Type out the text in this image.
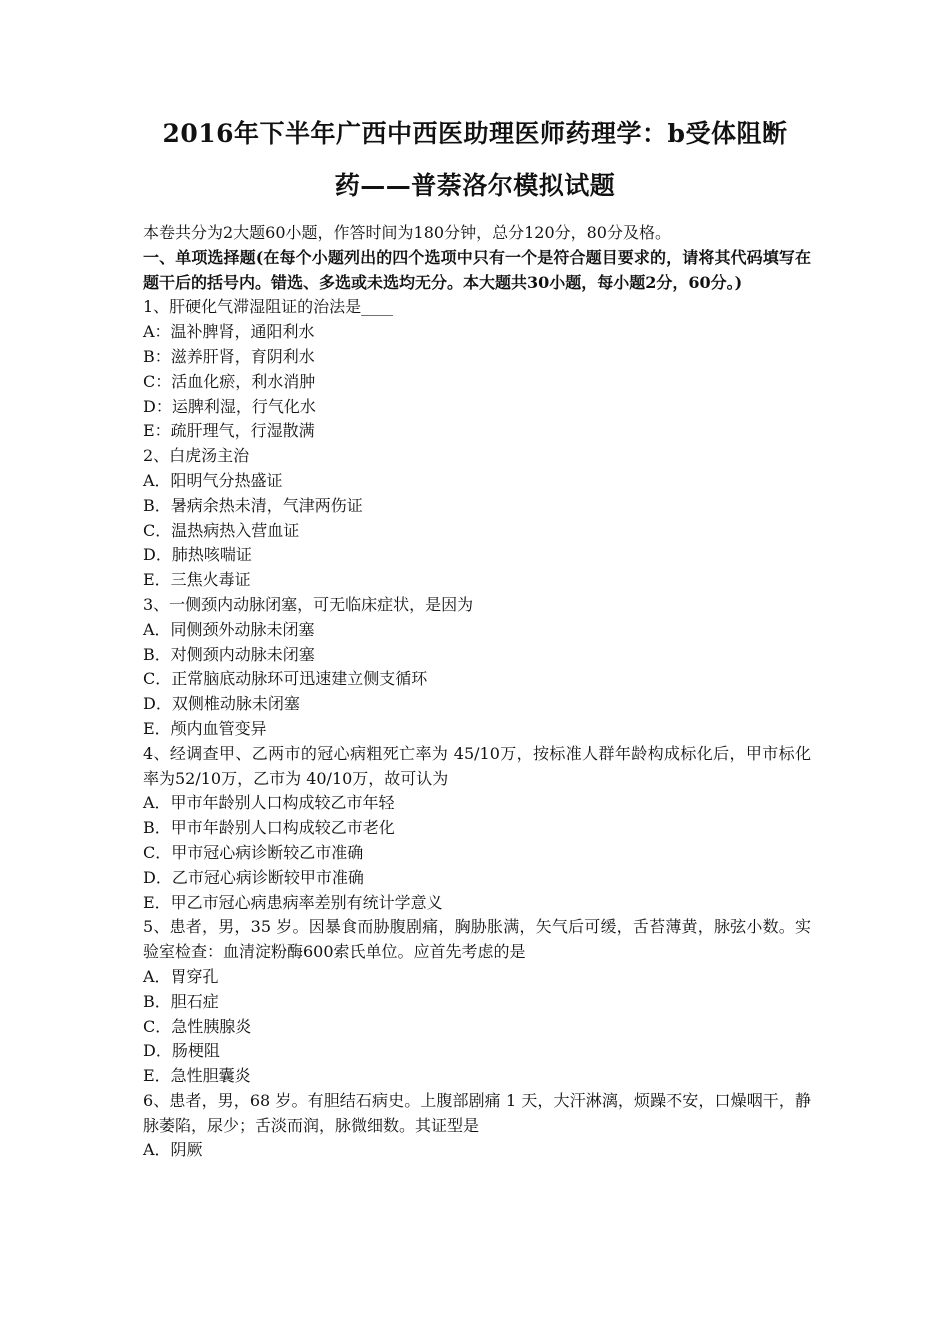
2016年下半年广西中西医助理医师药理学：b受体阻断
药——普萘洛尔模拟试题
本卷共分为2大题60小题，作答时间为180分钟，总分120分，80分及格。
一、单项选择题(在每个小题列出的四个选项中只有一个是符合题目要求的，请将其代码填写在题干后的括号内。错选、多选或未选均无分。本大题共30小题，每小题2分，60分。)
1、肝硬化气滞湿阻证的治法是____
A：温补脾肾，通阳利水
B：滋养肝肾，育阴利水
C：活血化瘀，利水消肿
D：运脾利湿，行气化水
E：疏肝理气，行湿散满
2、白虎汤主治
A．阳明气分热盛证
B．暑病余热未清，气津两伤证
C．温热病热入营血证
D．肺热咳喘证
E．三焦火毒证
3、一侧颈内动脉闭塞，可无临床症状，是因为
A．同侧颈外动脉未闭塞
B．对侧颈内动脉未闭塞
C．正常脑底动脉环可迅速建立侧支循环
D．双侧椎动脉未闭塞
E．颅内血管变异
4、经调查甲、乙两市的冠心病粗死亡率为 45/10万，按标准人群年龄构成标化后，甲市标化率为52/10万，乙市为 40/10万，故可认为
A．甲市年龄别人口构成较乙市年轻
B．甲市年龄别人口构成较乙市老化
C．甲市冠心病诊断较乙市准确
D．乙市冠心病诊断较甲市准确
E．甲乙市冠心病患病率差别有统计学意义
5、患者，男，35 岁。因暴食而胁腹剧痛，胸胁胀满，矢气后可缓，舌苔薄黄，脉弦小数。实验室检查：血清淀粉酶600索氏单位。应首先考虑的是
A．胃穿孔
B．胆石症
C．急性胰腺炎
D．肠梗阻
E．急性胆囊炎
6、患者，男，68 岁。有胆结石病史。上腹部剧痛 1 天，大汗淋漓，烦躁不安，口燥咽干，静脉萎陷，尿少；舌淡而润，脉微细数。其证型是
A．阴厥
